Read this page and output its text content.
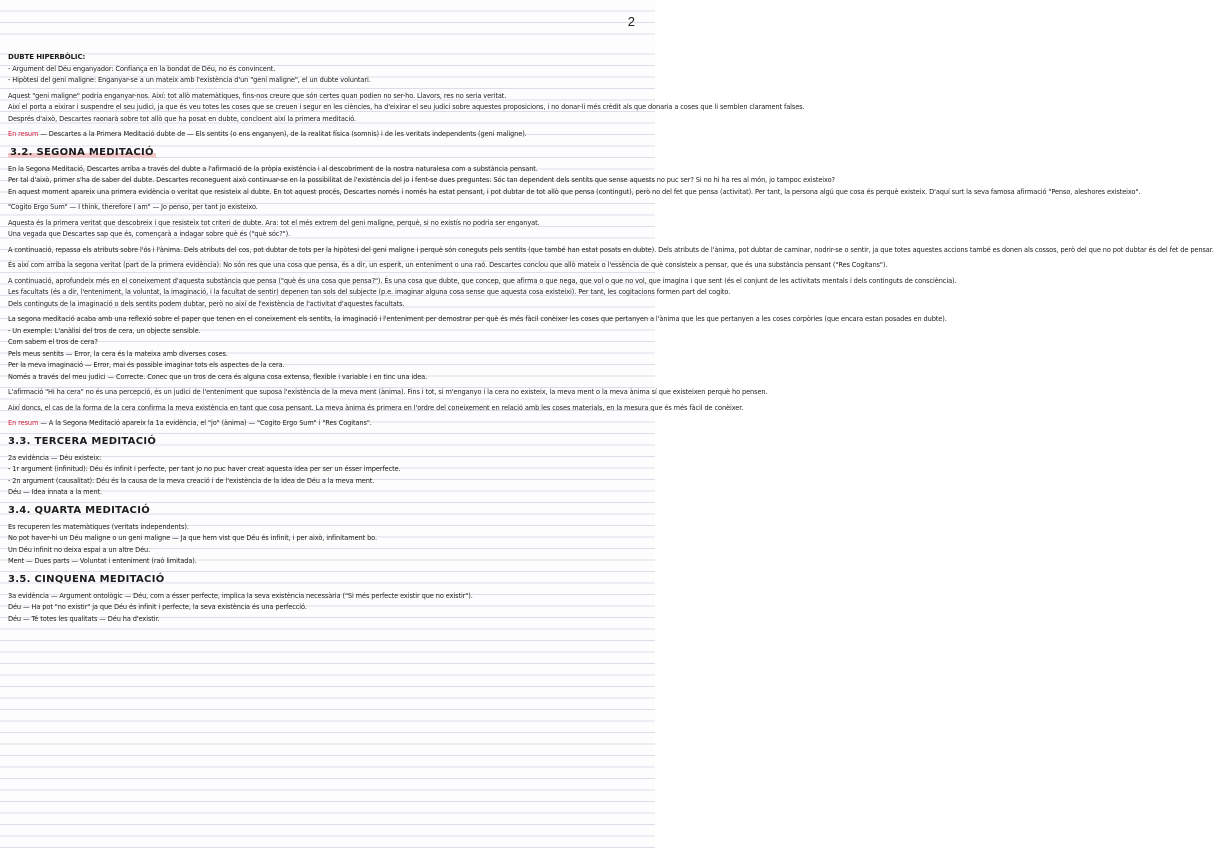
2
DUBTE HIPERBÒLIC:
- Argument del Déu enganyador: Confiança en la bondat de Déu, no és convincent.
- Hipòtesi del geni maligne: Enganyar-se a un mateix amb l'existència d'un "geni maligne", el un dubte voluntari.
Aquest "geni maligne" podria enganyar-nos. Així: tot allò matemàtiques, fins-nos creure que són certes quan podien no ser-ho. Llavors, res no seria veritat.
Així el porta a eixirar i suspendre el seu judici, ja que és veu totes les coses que se creuen i segur en les ciències, ha d'eixirar el seu judici sobre aquestes proposicions, i no donar-li més crèdit als que donaria a coses que li semblen clarament falses.
Després d'això, Descartes raonarà sobre tot allò que ha posat en dubte, concloent així la primera meditació.
En resum — Descartes a la Primera Meditació dubte de — Els sentits (o ens enganyen), de la realitat física (somnis) i de les veritats independents (geni maligne).
3.2. SEGONA MEDITACIÓ
En la Segona Meditació, Descartes arriba a través del dubte a l'afirmació de la pròpia existència i al descobriment de la nostra naturalesa com a substància pensant.
Per tal d'això, primer s'ha de saber del dubte. Descartes reconeguent això continuar-se en la possibilitat de l'existència del jo i fent-se dues preguntes: Sóc tan dependent dels sentits que sense aquests no puc ser? Si no hi ha res al món, jo tampoc existeixo?
En aquest moment apareix una primera evidència o veritat que resisteix al dubte. En tot aquest procés, Descartes només i només ha estat pensant, i pot dubtar de tot allò que pensa (contingut), però no del fet que pensa (activitat). Per tant, la persona algú que cosa és perquè existeix. D'aquí surt la seva famosa afirmació "Penso, aleshores existeixo".
"Cogito Ergo Sum" — I think, therefore I am" — Jo penso, per tant jo existeixo.
Aquesta és la primera veritat que descobreix i que resisteix tot criteri de dubte. Ara: tot el més extrem del geni maligne, perquè, si no existís no podria ser enganyat.
Una vegada que Descartes sap que és, començarà a indagar sobre què és ("què sóc?").
A continuació, repassa els atributs sobre l'ós i l'ànima. Dels atributs del cos, pot dubtar de tots per la hipòtesi del geni maligne i perquè són coneguts pels sentits (que també han estat posats en dubte). Dels atributs de l'ànima, pot dubtar de caminar, nodrir-se o sentir, ja que totes aquestes accions també es donen als cossos, però del que no pot dubtar és del fet de pensar.
És així com arriba la segona veritat (part de la primera evidència): No són res que una cosa que pensa, és a dir, un esperit, un enteniment o una raó. Descartes conclou que allò mateix o l'essència de què consisteix a pensar, que és una substància pensant ("Res Cogitans").
A continuació, aprofundeix més en el coneixement d'aquesta substància que pensa ("què és una cosa que pensa?"). És una cosa que dubte, que concep, que afirma o que nega, que vol o que no vol, que imagina i que sent (és el conjunt de les activitats mentals i dels continguts de consciència).
Les facultats (és a dir, l'enteniment, la voluntat, la imaginació, i la facultat de sentir) depenen tan sols del subjecte (p.e. imaginar alguna cosa sense que aquesta cosa existeixi). Per tant, les cogitacions formen part del cogito.
Dels continguts de la imaginació o dels sentits podem dubtar, però no així de l'existència de l'activitat d'aquestes facultats.
La segona meditació acaba amb una reflexió sobre el paper que tenen en el coneixement els sentits, la imaginació i l'enteniment per demostrar per què és més fàcil conèixer les coses que pertanyen a l'ànima que les que pertanyen a les coses corpòries (que encara estan posades en dubte).
- Un exemple: L'anàlisi del tros de cera, un objecte sensible.
Com sabem el tros de cera?
Pels meus sentits — Error, la cera és la mateixa amb diverses coses.
Per la meva imaginació — Error, mai és possible imaginar tots els aspectes de la cera.
Només a través del meu judici — Correcte. Conec que un tros de cera és alguna cosa extensa, flexible i variable i en tinc una idea.
L'afirmació "Hi ha cera" no és una percepció, és un judici de l'enteniment que suposa l'existència de la meva ment (ànima). Fins i tot, si m'enganyo i la cera no existeix, la meva ment o la meva ànima sí que existeixen perquè ho pensen.
Així doncs, el cas de la forma de la cera confirma la meva existència en tant que cosa pensant. La meva ànima és primera en l'ordre del coneixement en relació amb les coses materials, en la mesura que és més fàcil de conèixer.
En resum — A la Segona Meditació apareix la 1a evidència, el "jo" (ànima) — "Cogito Ergo Sum" i "Res Cogitans".
3.3. TERCERA MEDITACIÓ
2a evidència — Déu existeix:
- 1r argument (infinitud): Déu és infinit i perfecte, per tant jo no puc haver creat aquesta idea per ser un ésser imperfecte.
- 2n argument (causalitat): Déu és la causa de la meva creació i de l'existència de la idea de Déu a la meva ment.
Déu — Idea innata a la ment.
3.4. QUARTA MEDITACIÓ
Es recuperen les matemàtiques (veritats independents).
No pot haver-hi un Déu maligne o un geni maligne — Ja que hem vist que Déu és infinit, i per això, infinitament bo.
Un Déu infinit no deixa espai a un altre Déu.
Ment — Dues parts — Voluntat i enteniment (raó limitada).
3.5. CINQUENA MEDITACIÓ
3a evidència — Argument ontològic — Déu, com a ésser perfecte, implica la seva existència necessària ("Si més perfecte existir que no existir").
Déu — Ha pot "no existir" ja que Déu és infinit i perfecte, la seva existència és una perfecció.
Déu — Té totes les qualitats — Déu ha d'existir.
